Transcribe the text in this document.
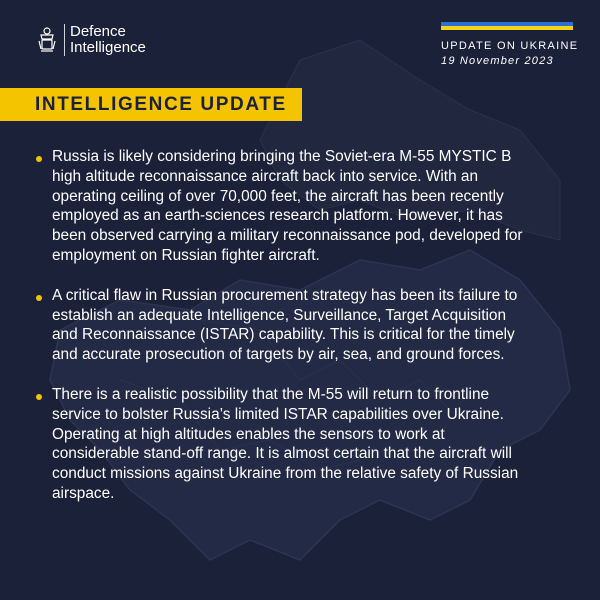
Defence
Intelligence	UPDATE ON UKRAINE
19 November 2023
INTELLIGENCE UPDATE
Russia is likely considering bringing the Soviet-era M-55 MYSTIC B high altitude reconnaissance aircraft back into service. With an operating ceiling of over 70,000 feet, the aircraft has been recently employed as an earth-sciences research platform. However, it has been observed carrying a military reconnaissance pod, developed for employment on Russian fighter aircraft.
A critical flaw in Russian procurement strategy has been its failure to establish an adequate Intelligence, Surveillance, Target Acquisition and Reconnaissance (ISTAR) capability. This is critical for the timely and accurate prosecution of targets by air, sea, and ground forces.
There is a realistic possibility that the M-55 will return to frontline service to bolster Russia’s limited ISTAR capabilities over Ukraine. Operating at high altitudes enables the sensors to work at considerable stand-off range. It is almost certain that the aircraft will conduct missions against Ukraine from the relative safety of Russian airspace.
